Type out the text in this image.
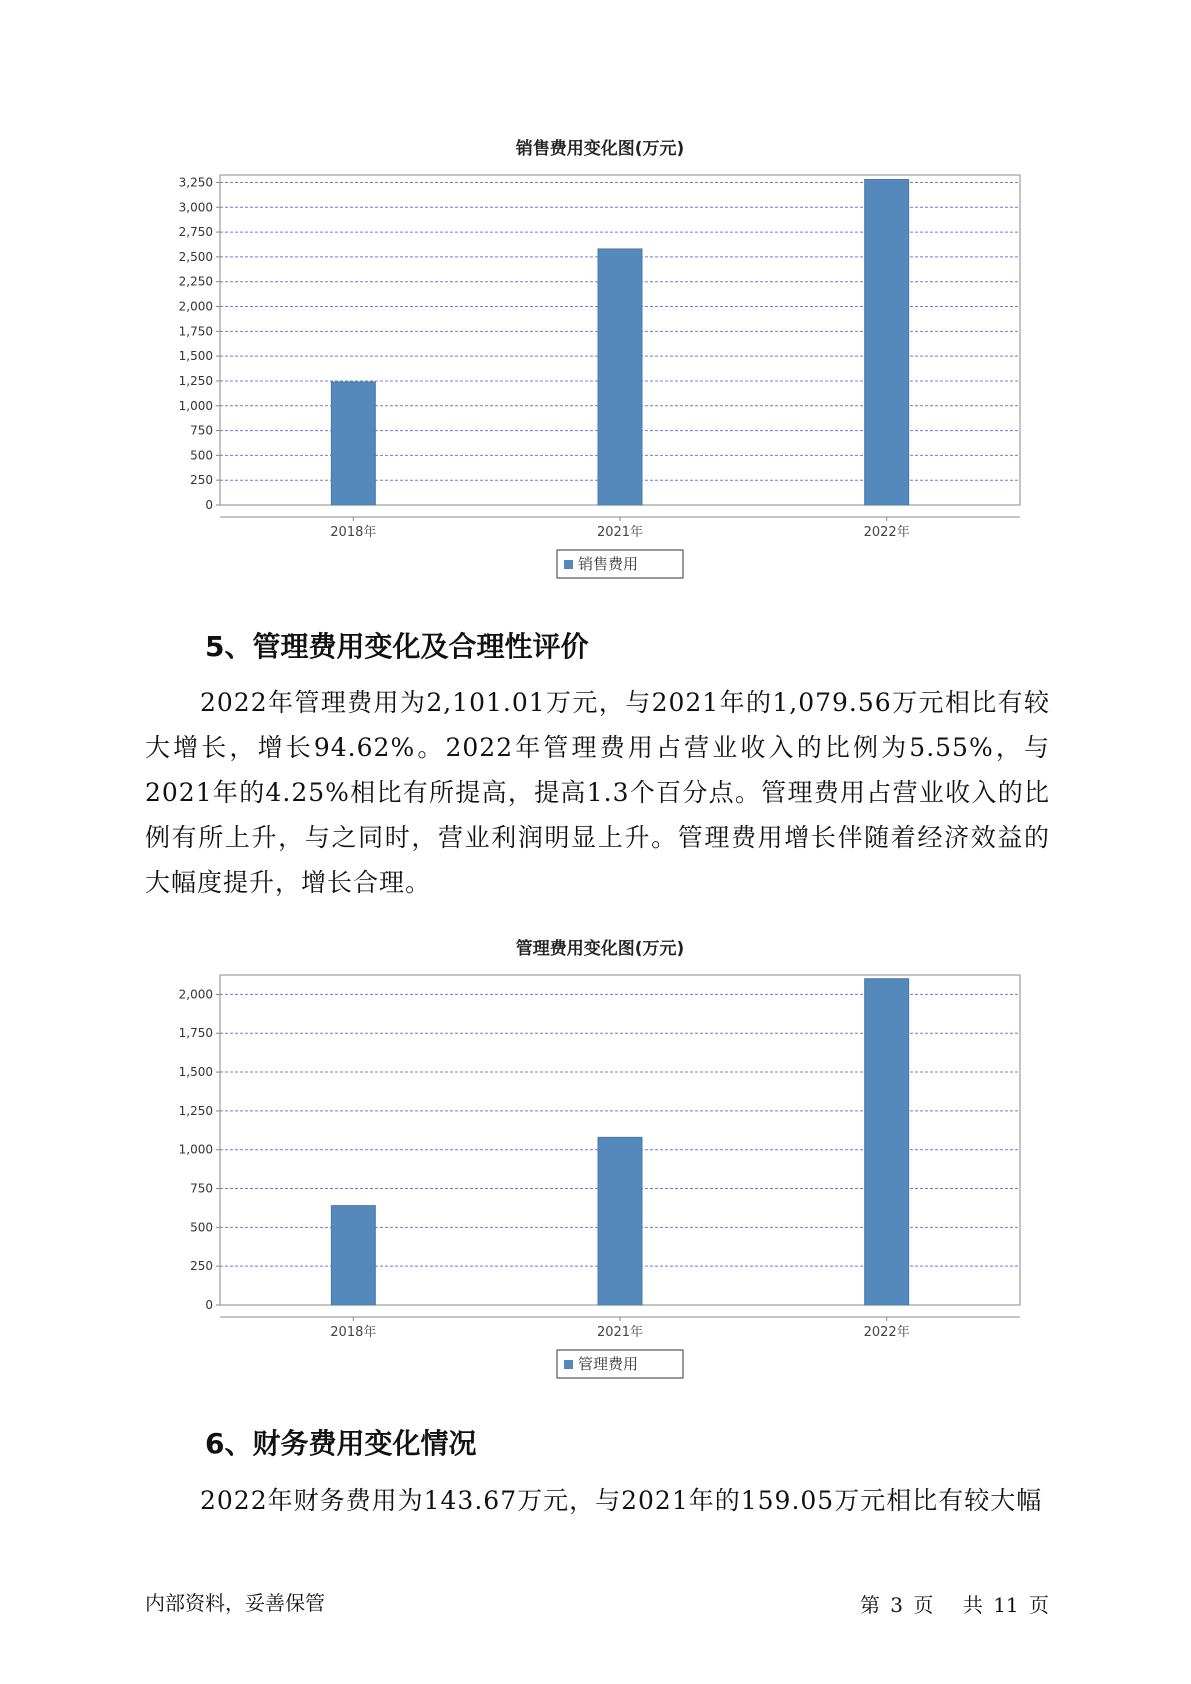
销售费用变化图(万元)
0
250
500
750
1,000
1,250
1,500
1,750
2,000
2,250
2,500
2,750
3,000
3,250
2018年	2021年	2022年
销售费用
5、管理费用变化及合理性评价

2022年管理费用为2,101.01万元，与2021年的1,079.56万元相比有较大增长，增长94.62%。2022年管理费用占营业收入的比例为5.55%，与2021年的4.25%相比有所提高，提高1.3个百分点。管理费用占营业收入的比例有所上升，与之同时，营业利润明显上升。管理费用增长伴随着经济效益的大幅度提升，增长合理。

管理费用变化图(万元)
0
250
500
750
1,000
1,250
1,500
1,750
2,000
2018年	2021年	2022年
管理费用
6、财务费用变化情况

2022年财务费用为143.67万元，与2021年的159.05万元相比有较大幅

内部资料，妥善保管	第 3 页 共 11 页
